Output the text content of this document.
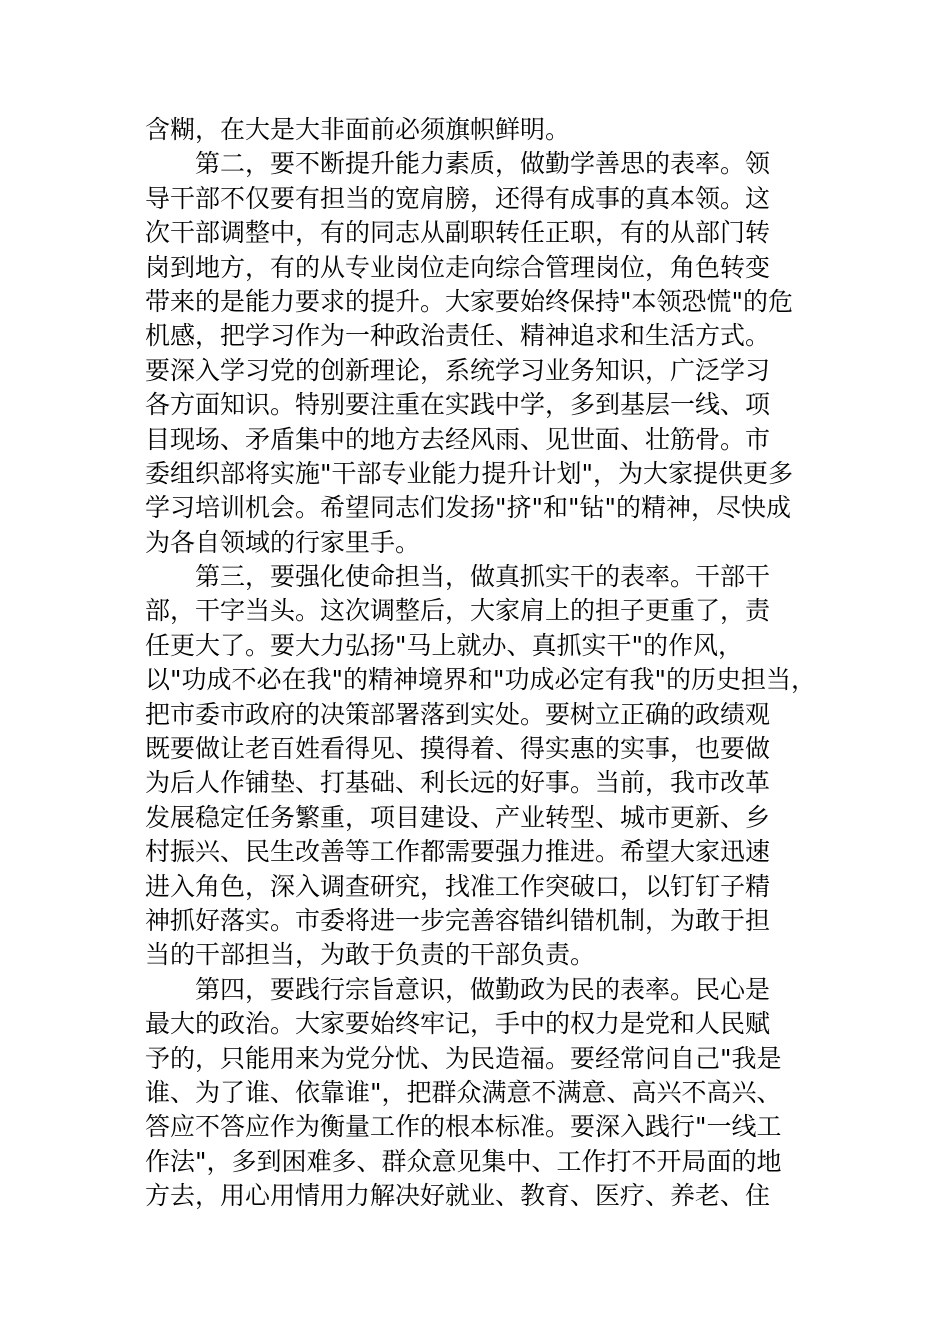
含糊，在大是大非面前必须旗帜鲜明。
第二，要不断提升能力素质，做勤学善思的表率。领
导干部不仅要有担当的宽肩膀，还得有成事的真本领。这
次干部调整中，有的同志从副职转任正职，有的从部门转
岗到地方，有的从专业岗位走向综合管理岗位，角色转变
带来的是能力要求的提升。大家要始终保持"本领恐慌"的危
机感，把学习作为一种政治责任、精神追求和生活方式。
要深入学习党的创新理论，系统学习业务知识，广泛学习
各方面知识。特别要注重在实践中学，多到基层一线、项
目现场、矛盾集中的地方去经风雨、见世面、壮筋骨。市
委组织部将实施"干部专业能力提升计划"，为大家提供更多
学习培训机会。希望同志们发扬"挤"和"钻"的精神，尽快成
为各自领域的行家里手。
第三，要强化使命担当，做真抓实干的表率。干部干
部，干字当头。这次调整后，大家肩上的担子更重了，责
任更大了。要大力弘扬"马上就办、真抓实干"的作风，
以"功成不必在我"的精神境界和"功成必定有我"的历史担当，
把市委市政府的决策部署落到实处。要树立正确的政绩观
既要做让老百姓看得见、摸得着、得实惠的实事，也要做
为后人作铺垫、打基础、利长远的好事。当前，我市改革
发展稳定任务繁重，项目建设、产业转型、城市更新、乡
村振兴、民生改善等工作都需要强力推进。希望大家迅速
进入角色，深入调查研究，找准工作突破口，以钉钉子精
神抓好落实。市委将进一步完善容错纠错机制，为敢于担
当的干部担当，为敢于负责的干部负责。
第四，要践行宗旨意识，做勤政为民的表率。民心是
最大的政治。大家要始终牢记，手中的权力是党和人民赋
予的，只能用来为党分忧、为民造福。要经常问自己"我是
谁、为了谁、依靠谁"，把群众满意不满意、高兴不高兴、
答应不答应作为衡量工作的根本标准。要深入践行"一线工
作法"，多到困难多、群众意见集中、工作打不开局面的地
方去，用心用情用力解决好就业、教育、医疗、养老、住
